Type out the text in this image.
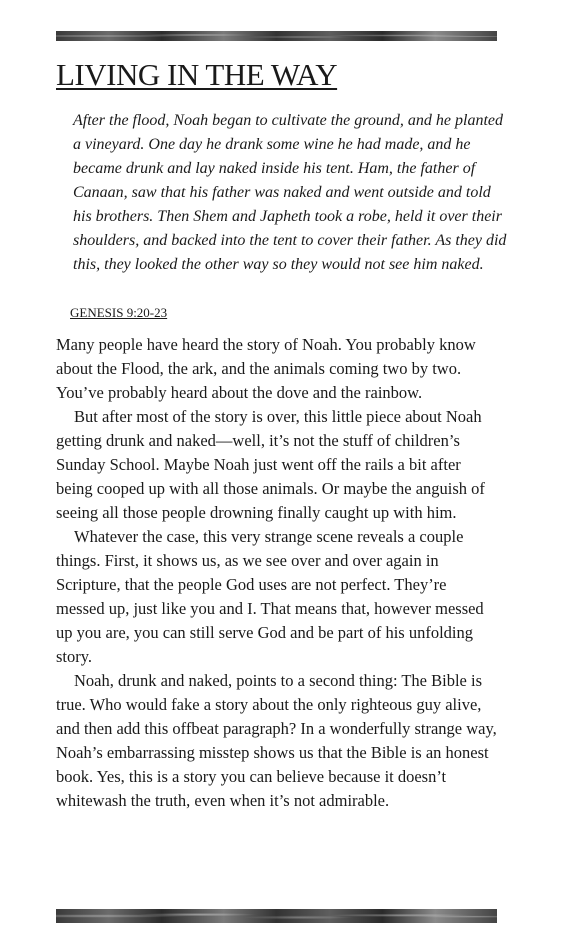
LIVING IN THE WAY

After the flood, Noah began to cultivate the ground, and he planted a vineyard. One day he drank some wine he had made, and he became drunk and lay naked inside his tent. Ham, the father of Canaan, saw that his father was naked and went outside and told his brothers. Then Shem and Japheth took a robe, held it over their shoulders, and backed into the tent to cover their father. As they did this, they looked the other way so they would not see him naked.

GENESIS 9:20-23

Many people have heard the story of Noah. You probably know about the Flood, the ark, and the animals coming two by two. You’ve probably heard about the dove and the rainbow.

But after most of the story is over, this little piece about Noah getting drunk and naked—well, it’s not the stuff of children’s Sunday School. Maybe Noah just went off the rails a bit after being cooped up with all those animals. Or maybe the anguish of seeing all those people drowning finally caught up with him.

Whatever the case, this very strange scene reveals a couple things. First, it shows us, as we see over and over again in Scripture, that the people God uses are not perfect. They’re messed up, just like you and I. That means that, however messed up you are, you can still serve God and be part of his unfolding story.

Noah, drunk and naked, points to a second thing: The Bible is true. Who would fake a story about the only righteous guy alive, and then add this offbeat paragraph? In a wonderfully strange way, Noah’s embarrassing misstep shows us that the Bible is an honest book. Yes, this is a story you can believe because it doesn’t whitewash the truth, even when it’s not admirable.
